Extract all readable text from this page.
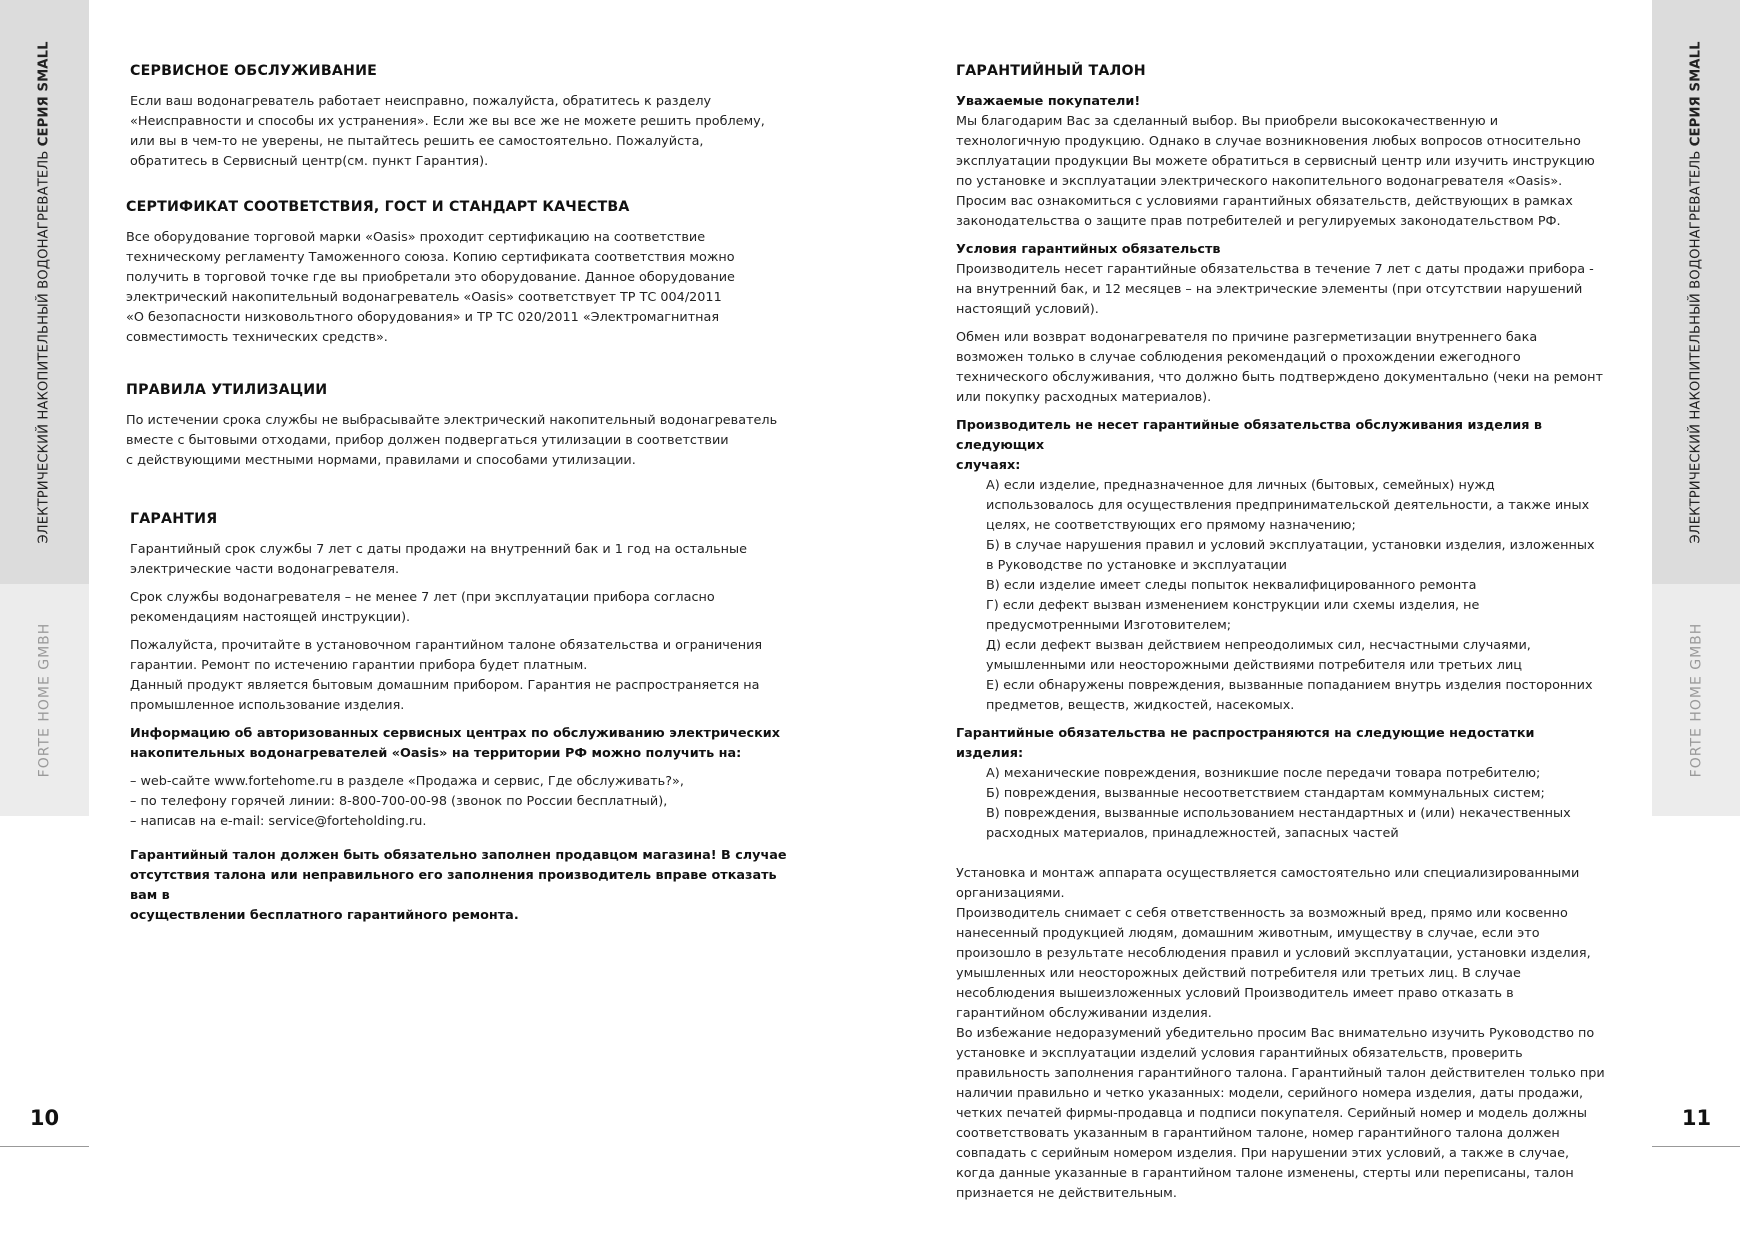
ЭЛЕКТРИЧЕСКИЙ НАКОПИТЕЛЬНЫЙ ВОДОНАГРЕВАТЕЛЬ СЕРИЯ SMALL
FORTE HOME GMBH
10
ЭЛЕКТРИЧЕСКИЙ НАКОПИТЕЛЬНЫЙ ВОДОНАГРЕВАТЕЛЬ СЕРИЯ SMALL
FORTE HOME GMBH
11
СЕРВИСНОЕ ОБСЛУЖИВАНИЕ

Если ваш водонагреватель работает неисправно, пожалуйста, обратитесь к разделу
«Неисправности и способы их устранения». Если же вы все же не можете решить проблему,
или вы в чем-то не уверены, не пытайтесь решить ее самостоятельно. Пожалуйста,
обратитесь в Сервисный центр(см. пункт Гарантия).

СЕРТИФИКАТ СООТВЕТСТВИЯ, ГОСТ И СТАНДАРТ КАЧЕСТВА

Все оборудование торговой марки «Oasis» проходит сертификацию на соответствие
техническому регламенту Таможенного союза. Копию сертификата соответствия можно
получить в торговой точке где вы приобретали это оборудование. Данное оборудование
электрический накопительный водонагреватель «Oasis» соответствует ТР ТС 004/2011
«О безопасности низковольтного оборудования» и ТР ТС 020/2011 «Электромагнитная
совместимость технических средств».

ПРАВИЛА УТИЛИЗАЦИИ

По истечении срока службы не выбрасывайте электрический накопительный водонагреватель
вместе с бытовыми отходами, прибор должен подвергаться утилизации в соответствии
с действующими местными нормами, правилами и способами утилизации.

ГАРАНТИЯ

Гарантийный срок службы 7 лет с даты продажи на внутренний бак и 1 год на остальные
электрические части водонагревателя.

Срок службы водонагревателя – не менее 7 лет (при эксплуатации прибора согласно
рекомендациям настоящей инструкции).

Пожалуйста, прочитайте в установочном гарантийном талоне обязательства и ограничения
гарантии. Ремонт по истечению гарантии прибора будет платным.
Данный продукт является бытовым домашним прибором. Гарантия не распространяется на
промышленное использование изделия.

Информацию об авторизованных сервисных центрах по обслуживанию электрических
накопительных водонагревателей «Oasis» на территории РФ можно получить на:

– web-сайте www.fortehome.ru в разделе «Продажа и сервис, Где обслуживать?»,
– по телефону горячей линии: 8-800-700-00-98 (звонок по России бесплатный),
– написав на e-mail: service@forteholding.ru.

Гарантийный талон должен быть обязательно заполнен продавцом магазина! В случае
отсутствия талона или неправильного его заполнения производитель вправе отказать вам в
осуществлении бесплатного гарантийного ремонта.

ГАРАНТИЙНЫЙ ТАЛОН

Уважаемые покупатели!

Мы благодарим Вас за сделанный выбор. Вы приобрели высококачественную и
технологичную продукцию. Однако в случае возникновения любых вопросов относительно
эксплуатации продукции Вы можете обратиться в сервисный центр или изучить инструкцию
по установке и эксплуатации электрического накопительного водонагревателя «Oasis».
Просим вас ознакомиться с условиями гарантийных обязательств, действующих в рамках
законодательства о защите прав потребителей и регулируемых законодательством РФ.

Условия гарантийных обязательств

Производитель несет гарантийные обязательства в течение 7 лет с даты продажи прибора -
на внутренний бак, и 12 месяцев – на электрические элементы (при отсутствии нарушений
настоящий условий).

Обмен или возврат водонагревателя по причине разгерметизации внутреннего бака
возможен только в случае соблюдения рекомендаций о прохождении ежегодного
технического обслуживания, что должно быть подтверждено документально (чеки на ремонт
или покупку расходных материалов).

Производитель не несет гарантийные обязательства обслуживания изделия в следующих
случаях:

А) если изделие, предназначенное для личных (бытовых, семейных) нужд
использовалось для осуществления предпринимательской деятельности, а также иных
целях, не соответствующих его прямому назначению;
Б) в случае нарушения правил и условий эксплуатации, установки изделия, изложенных
в Руководстве по установке и эксплуатации
В) если изделие имеет следы попыток неквалифицированного ремонта
Г) если дефект вызван изменением конструкции или схемы изделия, не
предусмотренными Изготовителем;
Д) если дефект вызван действием непреодолимых сил, несчастными случаями,
умышленными или неосторожными действиями потребителя или третьих лиц
Е) если обнаружены повреждения, вызванные попаданием внутрь изделия посторонних
предметов, веществ, жидкостей, насекомых.

Гарантийные обязательства не распространяются на следующие недостатки изделия:

А) механические повреждения, возникшие после передачи товара потребителю;
Б) повреждения, вызванные несоответствием стандартам коммунальных систем;
В) повреждения, вызванные использованием нестандартных и (или) некачественных
расходных материалов, принадлежностей, запасных частей

Установка и монтаж аппарата осуществляется самостоятельно или специализированными
организациями.
Производитель снимает с себя ответственность за возможный вред, прямо или косвенно
нанесенный продукцией людям, домашним животным, имуществу в случае, если это
произошло в результате несоблюдения правил и условий эксплуатации, установки изделия,
умышленных или неосторожных действий потребителя или третьих лиц. В случае
несоблюдения вышеизложенных условий Производитель имеет право отказать в
гарантийном обслуживании изделия.
Во избежание недоразумений убедительно просим Вас внимательно изучить Руководство по
установке и эксплуатации изделий условия гарантийных обязательств, проверить
правильность заполнения гарантийного талона. Гарантийный талон действителен только при
наличии правильно и четко указанных: модели, серийного номера изделия, даты продажи,
четких печатей фирмы-продавца и подписи покупателя. Серийный номер и модель должны
соответствовать указанным в гарантийном талоне, номер гарантийного талона должен
совпадать с серийным номером изделия. При нарушении этих условий, а также в случае,
когда данные указанные в гарантийном талоне изменены, стерты или переписаны, талон
признается не действительным.
